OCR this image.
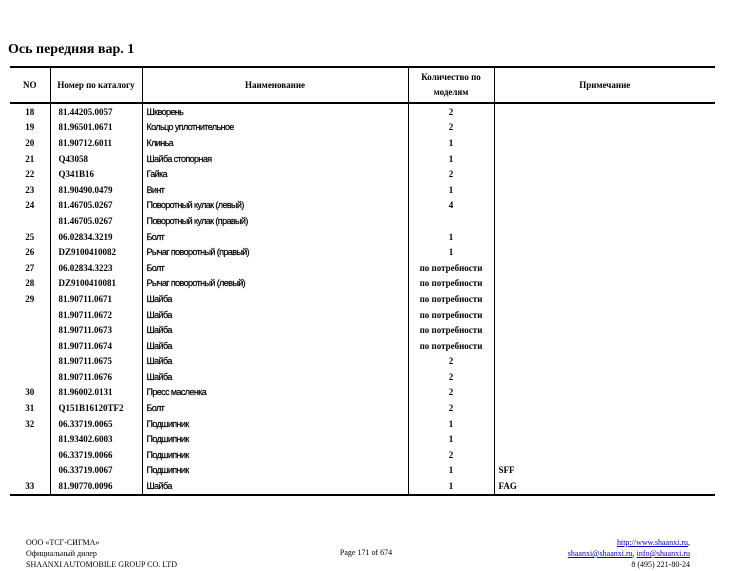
Ось передняя вар. 1
NO	Номер по каталогу	Наименование	Количество по моделям	Примечание
18	81.44205.0057	Шкворень	2	
19	81.96501.0671	Кольцо уплотнительное	2	
20	81.90712.6011	Клиньа	1	
21	Q43058	Шайба стопорная	1	
22	Q341B16	Гайка	2	
23	81.90490.0479	Винт	1	
24	81.46705.0267	Поворотный кулак (левый)	4	
	81.46705.0267	Поворотный кулак (правый)		
25	06.02834.3219	Болт	1	
26	DZ9100410082	Рычаг поворотный (правый)	1	
27	06.02834.3223	Болт	по потребности	
28	DZ9100410081	Рычаг поворотный (левый)	по потребности	
29	81.90711.0671	Шайба	по потребности	
	81.90711.0672	Шайба	по потребности	
	81.90711.0673	Шайба	по потребности	
	81.90711.0674	Шайба	по потребности	
	81.90711.0675	Шайба	2	
	81.90711.0676	Шайба	2	
30	81.96002.0131	Пресс масленка	2	
31	Q151B16120TF2	Болт	2	
32	06.33719.0065	Подшипник	1	
	81.93402.6003	Подшипник	1	
	06.33719.0066	Подшипник	2	
	06.33719.0067	Подшипник	1	SFF
33	81.90770.0096	Шайба	1	FAG
ООО «ТСГ-СИГМА»
Официальный дилер
SHAANXI AUTOMOBILE GROUP CO. LTD
Page 171 of 674
http://www.shaanxi.ru,
shaanxi@shaanxi.ru, info@shaanxi.ru
8 (495) 221-80-24
